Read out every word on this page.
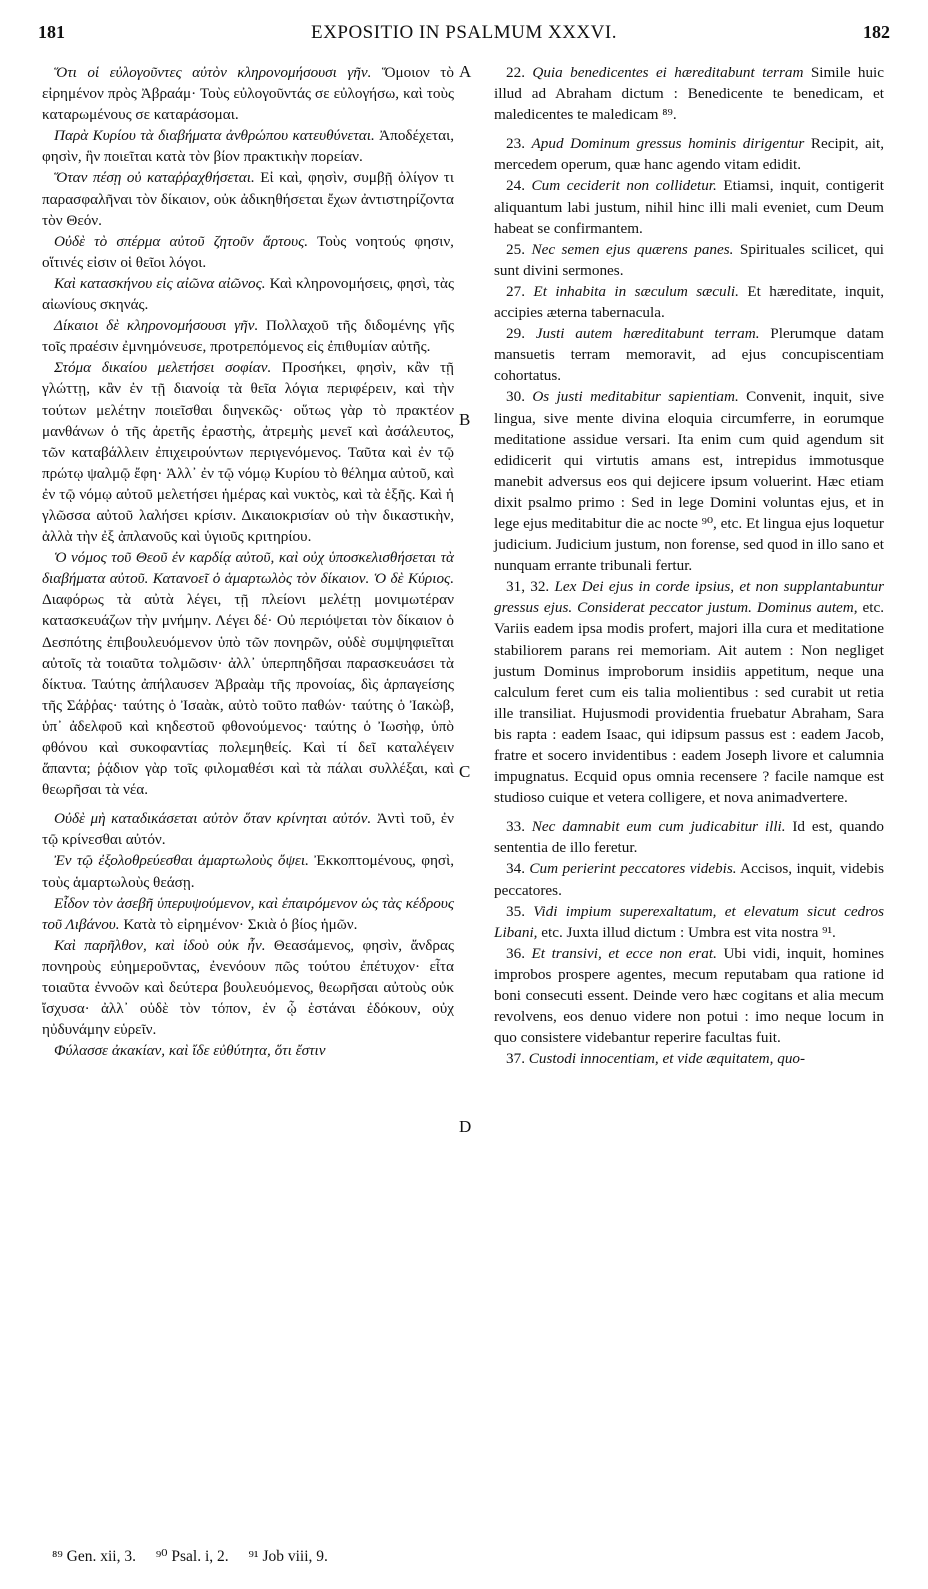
181	EXPOSITIO IN PSALMUM XXXVI.	182

Ὅτι οἱ εὐλογοῦντες αὐτὸν κληρονομήσουσι γῆν. Ὅμοιον τὸ εἰρημένον πρὸς Ἀβραάμ· Τοὺς εὐλογοῦντάς σε εὐλογήσω, καὶ τοὺς καταρωμένους σε καταράσομαι.

Παρὰ Κυρίου τὰ διαβήματα ἀνθρώπου κατευθύνεται. Ἀποδέχεται, φησὶν, ἣν ποιεῖται κατὰ τὸν βίον πρακτικὴν πορείαν.

Ὅταν πέσῃ οὐ καταῤῥαχθήσεται. Εἰ καὶ, φησὶν, συμβῇ ὀλίγον τι παρασφαλῆναι τὸν δίκαιον, οὐκ ἀδικηθήσεται ἔχων ἀντιστηρίζοντα τὸν Θεόν.

Οὐδὲ τὸ σπέρμα αὐτοῦ ζητοῦν ἄρτους. Τοὺς νοητούς φησιν, οἵτινές εἰσιν οἱ θεῖοι λόγοι.

Καὶ κατασκήνου εἰς αἰῶνα αἰῶνος. Καὶ κληρονομήσεις, φησὶ, τὰς αἰωνίους σκηνάς.

Δίκαιοι δὲ κληρονομήσουσι γῆν. Πολλαχοῦ τῆς διδομένης γῆς τοῖς πραέσιν ἐμνημόνευσε, προτρεπόμενος εἰς ἐπιθυμίαν αὐτῆς.

Στόμα δικαίου μελετήσει σοφίαν. Προσήκει, φησὶν, κἂν τῇ γλώττῃ, κἂν ἐν τῇ διανοίᾳ τὰ θεῖα λόγια περιφέρειν, καὶ τὴν τούτων μελέτην ποιεῖσθαι διηνεκῶς· οὕτως γὰρ τὸ πρακτέον μανθάνων ὁ τῆς ἀρετῆς ἐραστὴς, ἀτρεμὴς μενεῖ καὶ ἀσάλευτος, τῶν καταβάλλειν ἐπιχειρούντων περιγενόμενος. Ταῦτα καὶ ἐν τῷ πρώτῳ ψαλμῷ ἔφη· Ἀλλ᾽ ἐν τῷ νόμῳ Κυρίου τὸ θέλημα αὐτοῦ, καὶ ἐν τῷ νόμῳ αὐτοῦ μελετήσει ἡμέρας καὶ νυκτὸς, καὶ τὰ ἑξῆς. Καὶ ἡ γλῶσσα αὐτοῦ λαλήσει κρίσιν. Δικαιοκρισίαν οὐ τὴν δικαστικὴν, ἀλλὰ τὴν ἐξ ἀπλανοῦς καὶ ὑγιοῦς κριτηρίου.

Ὁ νόμος τοῦ Θεοῦ ἐν καρδίᾳ αὐτοῦ, καὶ οὐχ ὑποσκελισθήσεται τὰ διαβήματα αὐτοῦ. Κατανοεῖ ὁ ἁμαρτωλὸς τὸν δίκαιον. Ὁ δὲ Κύριος. Διαφόρως τὰ αὐτὰ λέγει, τῇ πλείονι μελέτῃ μονιμωτέραν κατασκευάζων τὴν μνήμην. Λέγει δέ· Οὐ περιόψεται τὸν δίκαιον ὁ Δεσπότης ἐπιβουλευόμενον ὑπὸ τῶν πονηρῶν, οὐδὲ συμψηφιεῖται αὐτοῖς τὰ τοιαῦτα τολμῶσιν· ἀλλ᾽ ὑπερπηδῆσαι παρασκευάσει τὰ δίκτυα. Ταύτης ἀπήλαυσεν Ἀβραὰμ τῆς προνοίας, δὶς ἁρπαγείσης τῆς Σάῤῥας· ταύτης ὁ Ἰσαὰκ, αὐτὸ τοῦτο παθών· ταύτης ὁ Ἰακὼβ, ὑπ᾽ ἀδελφοῦ καὶ κηδεστοῦ φθονούμενος· ταύτης ὁ Ἰωσὴφ, ὑπὸ φθόνου καὶ συκοφαντίας πολεμηθείς. Καὶ τί δεῖ καταλέγειν ἅπαντα; ῥᾴδιον γὰρ τοῖς φιλομαθέσι καὶ τὰ πάλαι συλλέξαι, καὶ θεωρῆσαι τὰ νέα.

Οὐδὲ μὴ καταδικάσεται αὐτὸν ὅταν κρίνηται αὐτόν. Ἀντὶ τοῦ, ἐν τῷ κρίνεσθαι αὐτόν.

Ἐν τῷ ἐξολοθρεύεσθαι ἁμαρτωλοὺς ὄψει. Ἐκκοπτομένους, φησὶ, τοὺς ἁμαρτωλοὺς θεάσῃ.

Εἶδον τὸν ἀσεβῆ ὑπερυψούμενον, καὶ ἐπαιρόμενον ὡς τὰς κέδρους τοῦ Λιβάνου. Κατὰ τὸ εἰρημένον· Σκιὰ ὁ βίος ἡμῶν.

Καὶ παρῆλθον, καὶ ἰδοὺ οὐκ ἦν. Θεασάμενος, φησὶν, ἄνδρας πονηροὺς εὐημεροῦντας, ἐνενόουν πῶς τούτου ἐπέτυχον· εἶτα τοιαῦτα ἐννοῶν καὶ δεύτερα βουλευόμενος, θεωρῆσαι αὐτοὺς οὐκ ἴσχυσα· ἀλλ᾽ οὐδὲ τὸν τόπον, ἐν ᾧ ἑστάναι ἐδόκουν, οὐχ ηὐδυνάμην εὑρεῖν.

Φύλασσε ἀκακίαν, καὶ ἴδε εὐθύτητα, ὅτι ἔστιν

22. Quia benedicentes ei hæreditabunt terram Simile huic illud ad Abraham dictum : Benedicente te benedicam, et maledicentes te maledicam ⁸⁹.

23. Apud Dominum gressus hominis dirigentur Recipit, ait, mercedem operum, quæ hanc agendo vitam edidit.

24. Cum ceciderit non collidetur. Etiamsi, inquit, contigerit aliquantum labi justum, nihil hinc illi mali eveniet, cum Deum habeat se confirmantem.

25. Nec semen ejus quærens panes. Spirituales scilicet, qui sunt divini sermones.

27. Et inhabita in sæculum sæculi. Et hæreditate, inquit, accipies æterna tabernacula.

29. Justi autem hæreditabunt terram. Plerumque datam mansuetis terram memoravit, ad ejus concupiscentiam cohortatus.

30. Os justi meditabitur sapientiam. Convenit, inquit, sive lingua, sive mente divina eloquia circumferre, in eorumque meditatione assidue versari. Ita enim cum quid agendum sit edidicerit qui virtutis amans est, intrepidus immotusque manebit adversus eos qui dejicere ipsum voluerint. Hæc etiam dixit psalmo primo : Sed in lege Domini voluntas ejus, et in lege ejus meditabitur die ac nocte ⁹⁰, etc. Et lingua ejus loquetur judicium. Judicium justum, non forense, sed quod in illo sano et nunquam errante tribunali fertur.

31, 32. Lex Dei ejus in corde ipsius, et non supplantabuntur gressus ejus. Considerat peccator justum. Dominus autem, etc. Variis eadem ipsa modis profert, majori illa cura et meditatione stabiliorem parans rei memoriam. Ait autem : Non negliget justum Dominus improborum insidiis appetitum, neque una calculum feret cum eis talia molientibus : sed curabit ut retia ille transiliat. Hujusmodi providentia fruebatur Abraham, Sara bis rapta : eadem Isaac, qui idipsum passus est : eadem Jacob, fratre et socero invidentibus : eadem Joseph livore et calumnia impugnatus. Ecquid opus omnia recensere ? facile namque est studioso cuique et vetera colligere, et nova animadvertere.

33. Nec damnabit eum cum judicabitur illi. Id est, quando sententia de illo feretur.

34. Cum perierint peccatores videbis. Accisos, inquit, videbis peccatores.

35. Vidi impium superexaltatum, et elevatum sicut cedros Libani, etc. Juxta illud dictum : Umbra est vita nostra ⁹¹.

36. Et transivi, et ecce non erat. Ubi vidi, inquit, homines improbos prospere agentes, mecum reputabam qua ratione id boni consecuti essent. Deinde vero hæc cogitans et alia mecum revolvens, eos denuo videre non potui : imo neque locum in quo consistere videbantur reperire facultas fuit.

37. Custodi innocentiam, et vide æquitatem, quo-

A
B
C
D
⁸⁹ Gen. xii, 3. ⁹⁰ Psal. i, 2. ⁹¹ Job viii, 9.
